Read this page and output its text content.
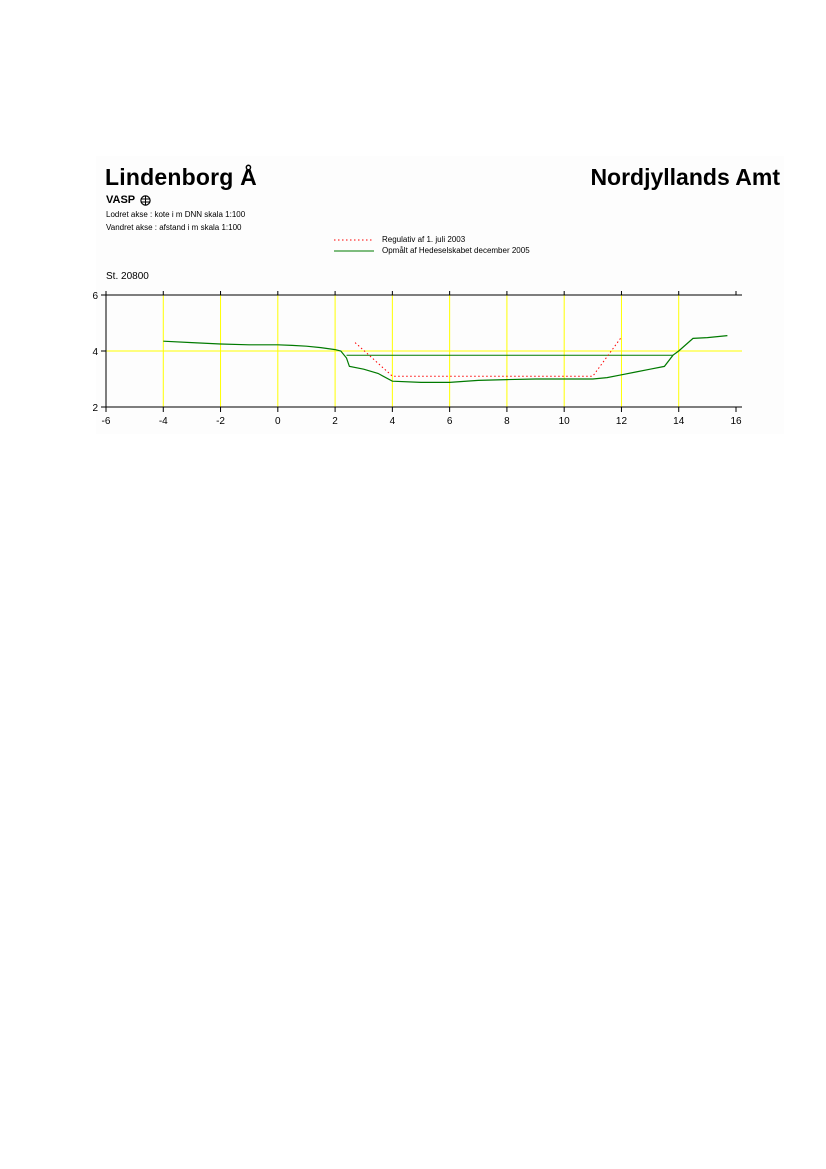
Lindenborg Å	Nordjyllands Amt
VASP
Lodret akse : kote i m DNN skala 1:100
Vandret akse : afstand i m skala 1:100
Regulativ af 1. juli 2003
Opmålt af Hedeselskabet december 2005
St. 20800
-6	-4	-2	0	2	4	6	8	10	12	14	16
2
4
6
